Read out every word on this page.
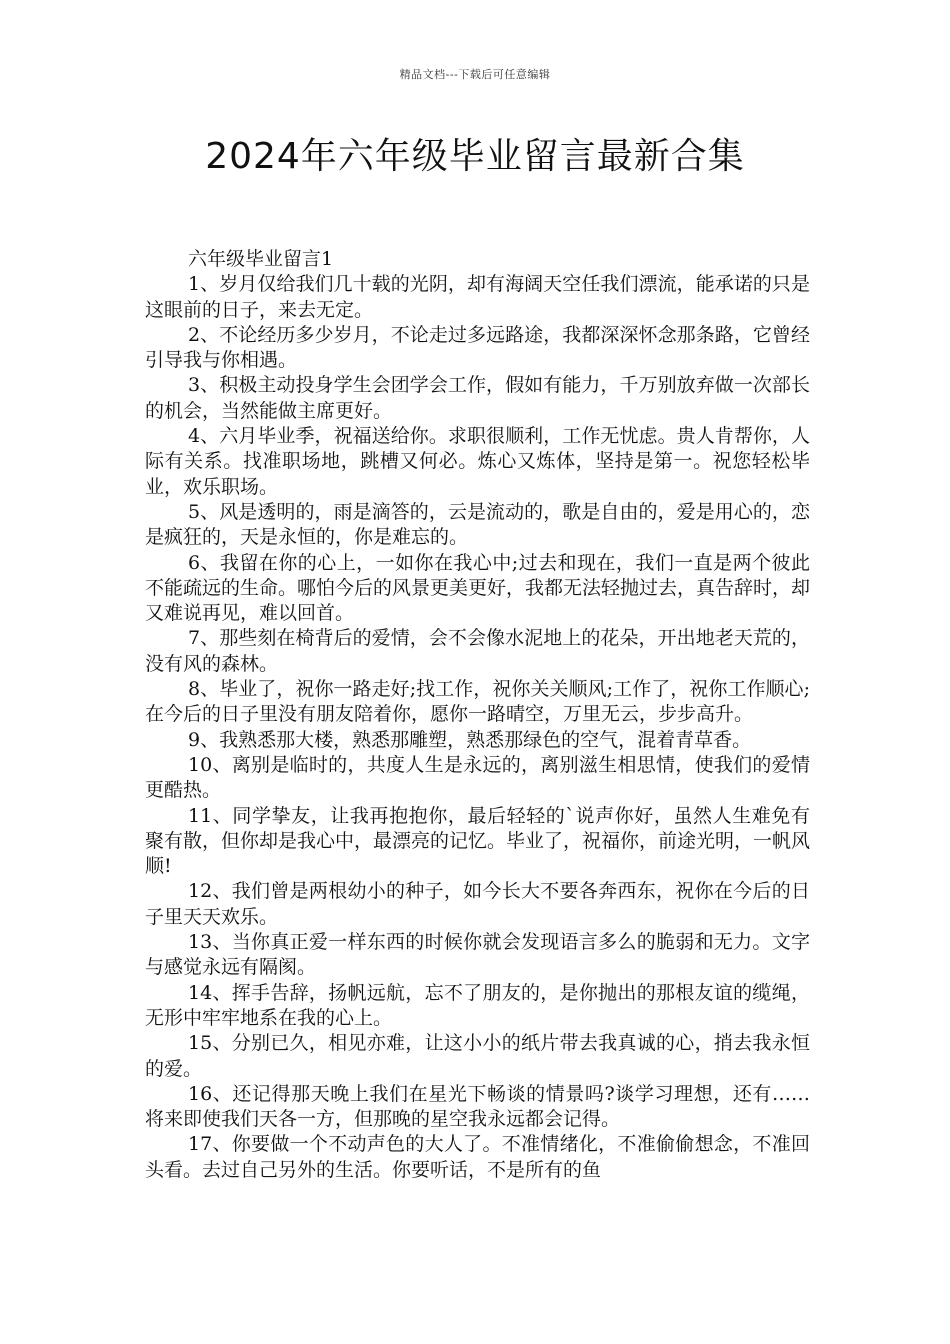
精品文档---下载后可任意编辑
2024年六年级毕业留言最新合集

六年级毕业留言1

1、岁月仅给我们几十载的光阴，却有海阔天空任我们漂流，能承诺的只是这眼前的日子，来去无定。

2、不论经历多少岁月，不论走过多远路途，我都深深怀念那条路，它曾经引导我与你相遇。

3、积极主动投身学生会团学会工作，假如有能力，千万别放弃做一次部长的机会，当然能做主席更好。

4、六月毕业季，祝福送给你。求职很顺利，工作无忧虑。贵人肯帮你，人际有关系。找准职场地，跳槽又何必。炼心又炼体，坚持是第一。祝您轻松毕业，欢乐职场。

5、风是透明的，雨是滴答的，云是流动的，歌是自由的，爱是用心的，恋是疯狂的，天是永恒的，你是难忘的。

6、我留在你的心上，一如你在我心中;过去和现在，我们一直是两个彼此不能疏远的生命。哪怕今后的风景更美更好，我都无法轻抛过去，真告辞时，却又难说再见，难以回首。

7、那些刻在椅背后的爱情，会不会像水泥地上的花朵，开出地老天荒的，没有风的森林。

8、毕业了，祝你一路走好;找工作，祝你关关顺风;工作了，祝你工作顺心;在今后的日子里没有朋友陪着你，愿你一路晴空，万里无云，步步高升。

9、我熟悉那大楼，熟悉那雕塑，熟悉那绿色的空气，混着青草香。

10、离别是临时的，共度人生是永远的，离别滋生相思情，使我们的爱情更酷热。

11、同学挚友，让我再抱抱你，最后轻轻的`说声你好，虽然人生难免有聚有散，但你却是我心中，最漂亮的记忆。毕业了，祝福你，前途光明，一帆风顺!

12、我们曾是两根幼小的种子，如今长大不要各奔西东，祝你在今后的日子里天天欢乐。

13、当你真正爱一样东西的时候你就会发现语言多么的脆弱和无力。文字与感觉永远有隔阂。

14、挥手告辞，扬帆远航，忘不了朋友的，是你抛出的那根友谊的缆绳，无形中牢牢地系在我的心上。

15、分别已久，相见亦难，让这小小的纸片带去我真诚的心，捎去我永恒的爱。

16、还记得那天晚上我们在星光下畅谈的情景吗?谈学习理想，还有……将来即使我们天各一方，但那晚的星空我永远都会记得。

17、你要做一个不动声色的大人了。不准情绪化，不准偷偷想念，不准回头看。去过自己另外的生活。你要听话，不是所有的鱼
